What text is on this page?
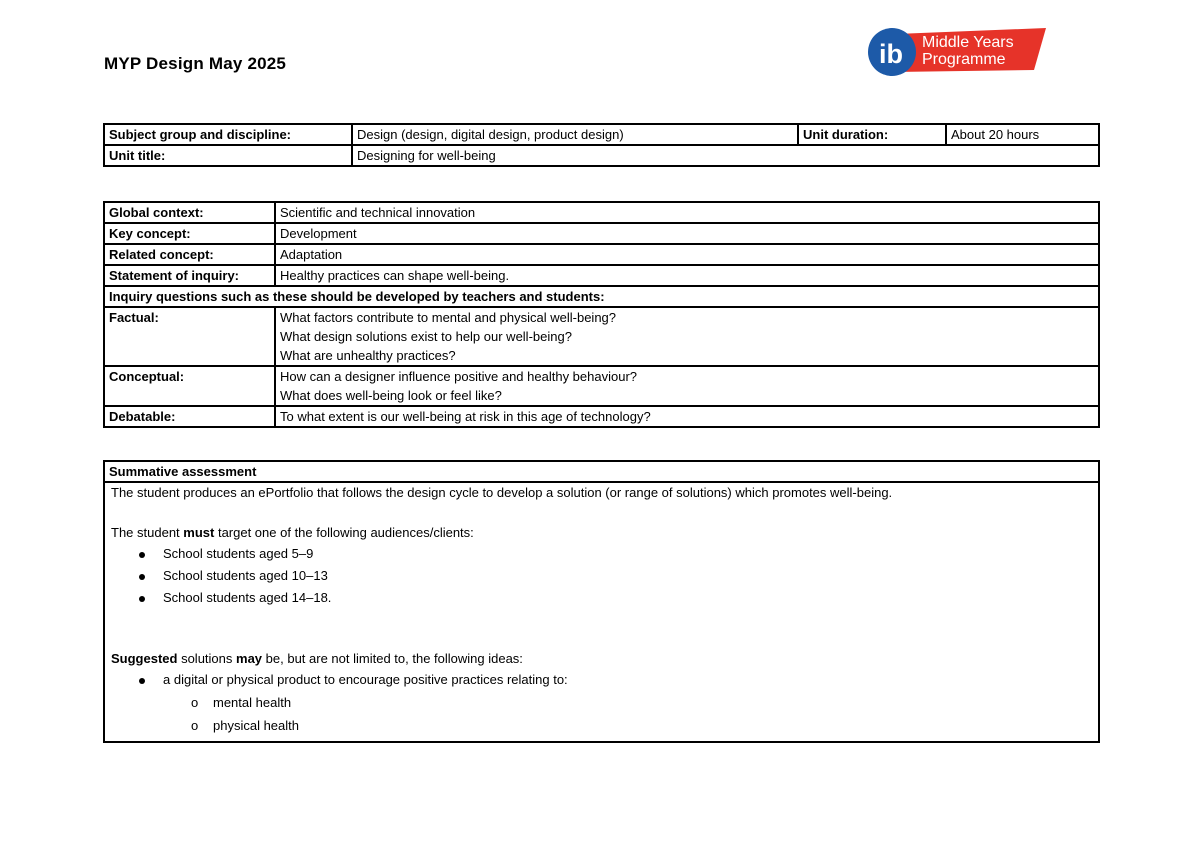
MYP Design May 2025	ib Middle Years
Programme
Subject group and discipline:	Design (design, digital design, product design)	Unit duration:	About 20 hours
Unit title:	Designing for well-being		
Global context:	Scientific and technical innovation
Key concept:	Development
Related concept:	Adaptation
Statement of inquiry:	Healthy practices can shape well-being.
Inquiry questions such as these should be developed by teachers and students:	
Factual:	What factors contribute to mental and physical well-being?
What design solutions exist to help our well-being?
What are unhealthy practices?

Conceptual:	How can a designer influence positive and healthy behaviour?
What does well-being look or feel like?

Debatable:	To what extent is our well-being at risk in this age of technology?
Summative assessment

The student produces an ePortfolio that follows the design cycle to develop a solution (or range of solutions) which promotes well-being.

The student must target one of the following audiences/clients:

School students aged 5–9
School students aged 10–13
School students aged 14–18.

Suggested solutions may be, but are not limited to, the following ideas:

a digital or physical product to encourage positive practices relating to:
o mental health
o physical health
